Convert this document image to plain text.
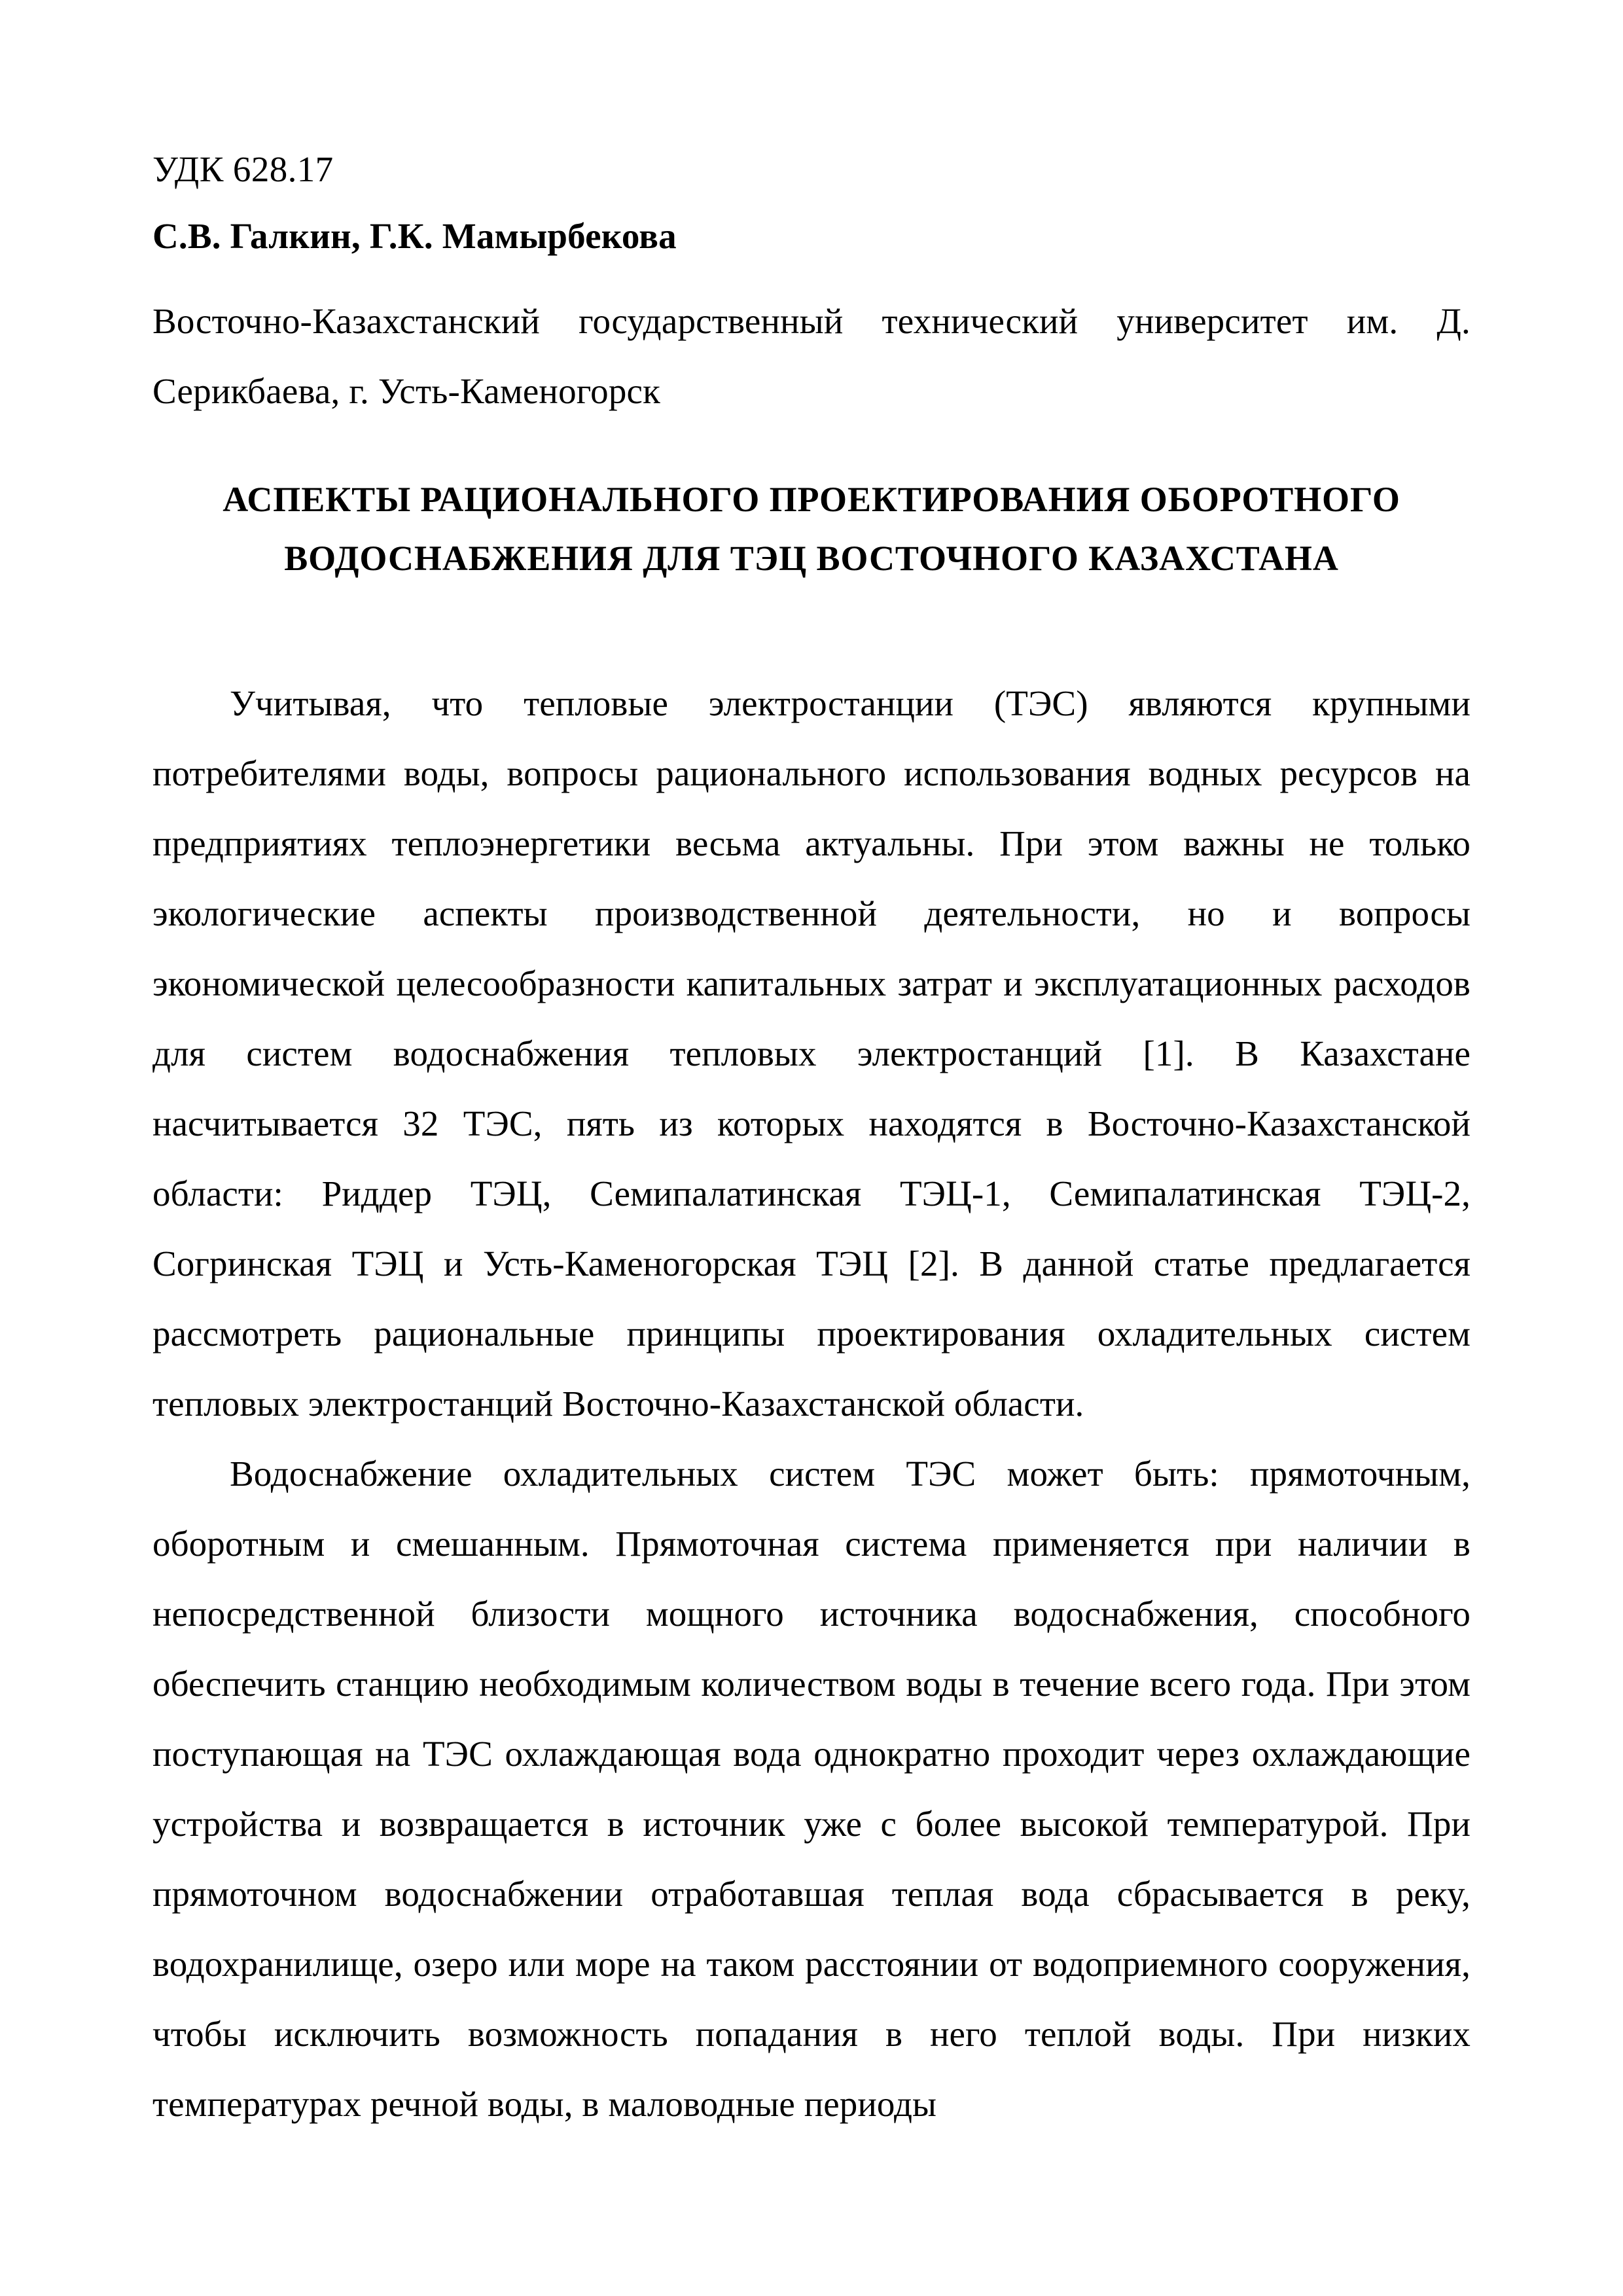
УДК 628.17
С.В. Галкин, Г.К. Мамырбекова
Восточно-Казахстанский государственный технический университет им. Д. Серикбаева, г. Усть-Каменогорск
АСПЕКТЫ РАЦИОНАЛЬНОГО ПРОЕКТИРОВАНИЯ ОБОРОТНОГО
ВОДОСНАБЖЕНИЯ ДЛЯ ТЭЦ ВОСТОЧНОГО КАЗАХСТАНА

Учитывая, что тепловые электростанции (ТЭС) являются крупными потребителями воды, вопросы рационального использования водных ресурсов на предприятиях теплоэнергетики весьма актуальны. При этом важны не только экологические аспекты производственной деятельности, но и вопросы экономической целесообразности капитальных затрат и эксплуатационных расходов для систем водоснабжения тепловых электростанций [1]. В Казахстане насчитывается 32 ТЭС, пять из которых находятся в Восточно-Казахстанской области: Риддер ТЭЦ, Семипалатинская ТЭЦ-1, Семипалатинская ТЭЦ-2, Согринская ТЭЦ и Усть-Каменогорская ТЭЦ [2]. В данной статье предлагается рассмотреть рациональные принципы проектирования охладительных систем тепловых электростанций Восточно-Казахстанской области.

Водоснабжение охладительных систем ТЭС может быть: прямоточным, оборотным и смешанным. Прямоточная система применяется при наличии в непосредственной близости мощного источника водоснабжения, способного обеспечить станцию необходимым количеством воды в течение всего года. При этом поступающая на ТЭС охлаждающая вода однократно проходит через охлаждающие устройства и возвращается в источник уже с более высокой температурой. При прямоточном водоснабжении отработавшая теплая вода сбрасывается в реку, водохранилище, озеро или море на таком расстоянии от водоприемного сооружения, чтобы исключить возможность попадания в него теплой воды. При низких температурах речной воды, в маловодные периоды
